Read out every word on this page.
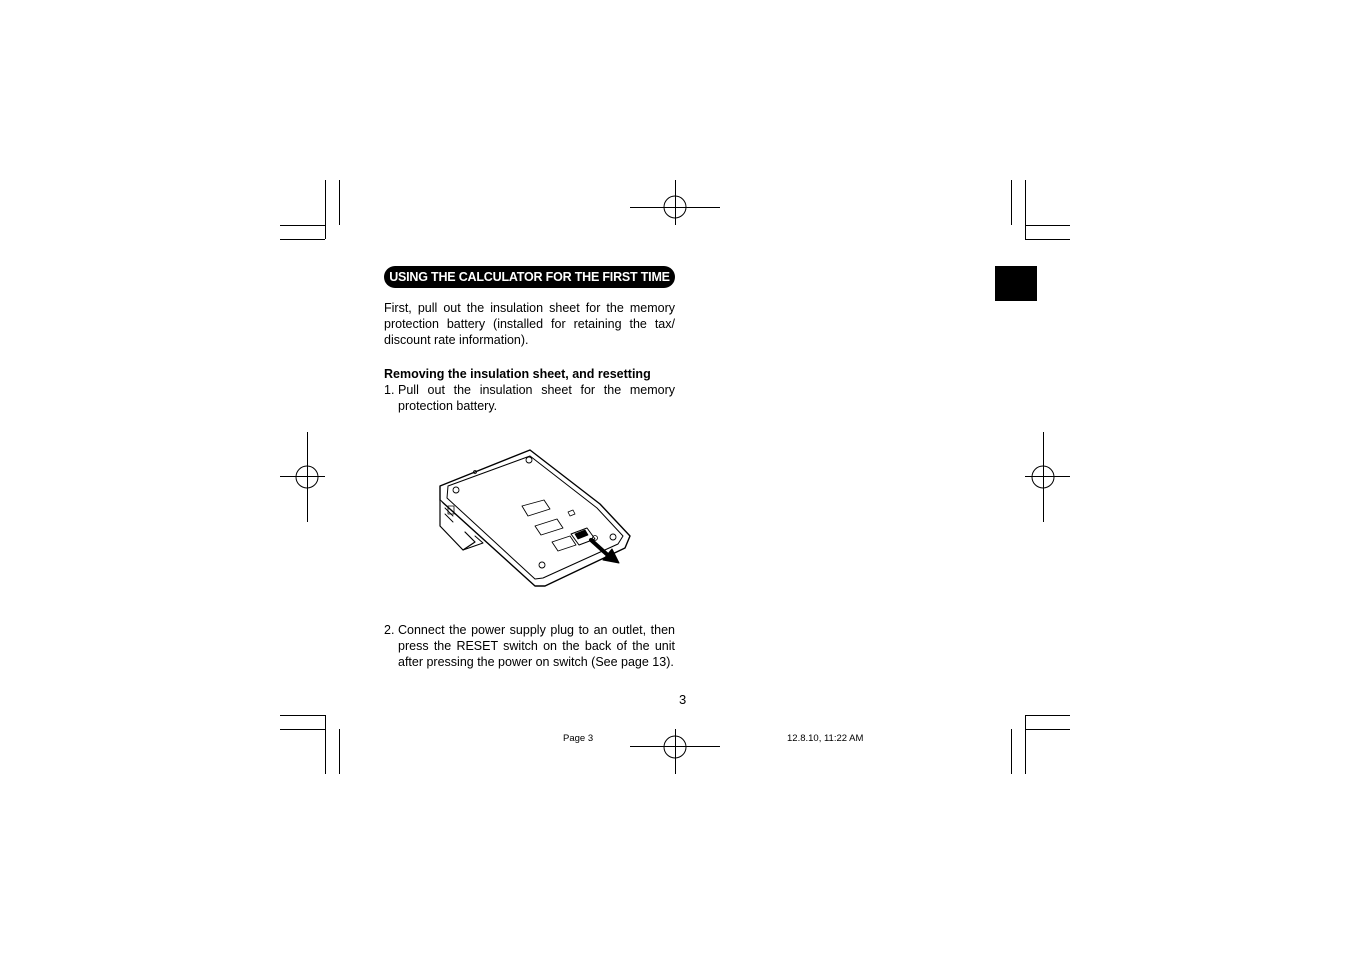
USING THE CALCULATOR FOR THE FIRST TIME
First, pull out the insulation sheet for the memory protection battery (installed for retaining the tax/ discount rate information).
Removing the insulation sheet, and resetting
1. Pull out the insulation sheet for the memory protection battery.
2. Connect the power supply plug to an outlet, then press the RESET switch on the back of the unit after pressing the power on switch (See page 13).
3
Page 3	12.8.10, 11:22 AM
